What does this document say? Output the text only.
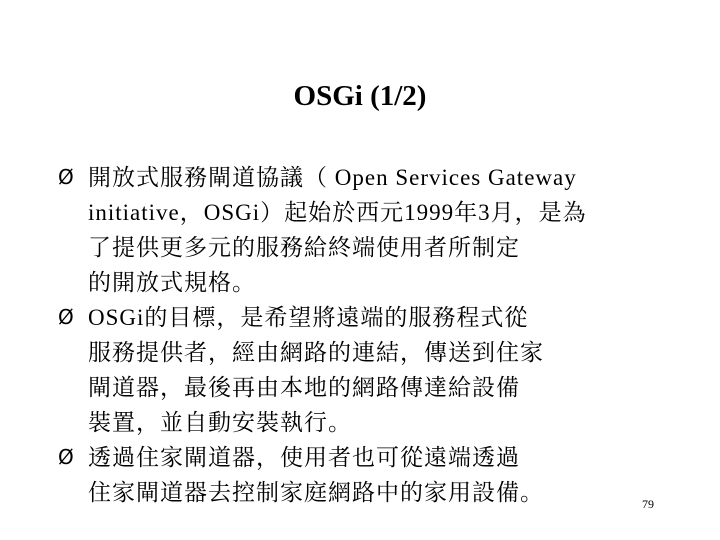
OSGi (1/2)
Ø 開放式服務閘道協議（ Open Services Gateway
initiative，OSGi）起始於西元1999年3月，是為
了提供更多元的服務給終端使用者所制定
的開放式規格。
Ø OSGi的目標，是希望將遠端的服務程式從
服務提供者，經由網路的連結，傳送到住家
閘道器，最後再由本地的網路傳達給設備
裝置，並自動安裝執行。
Ø 透過住家閘道器，使用者也可從遠端透過
住家閘道器去控制家庭網路中的家用設備。	79
